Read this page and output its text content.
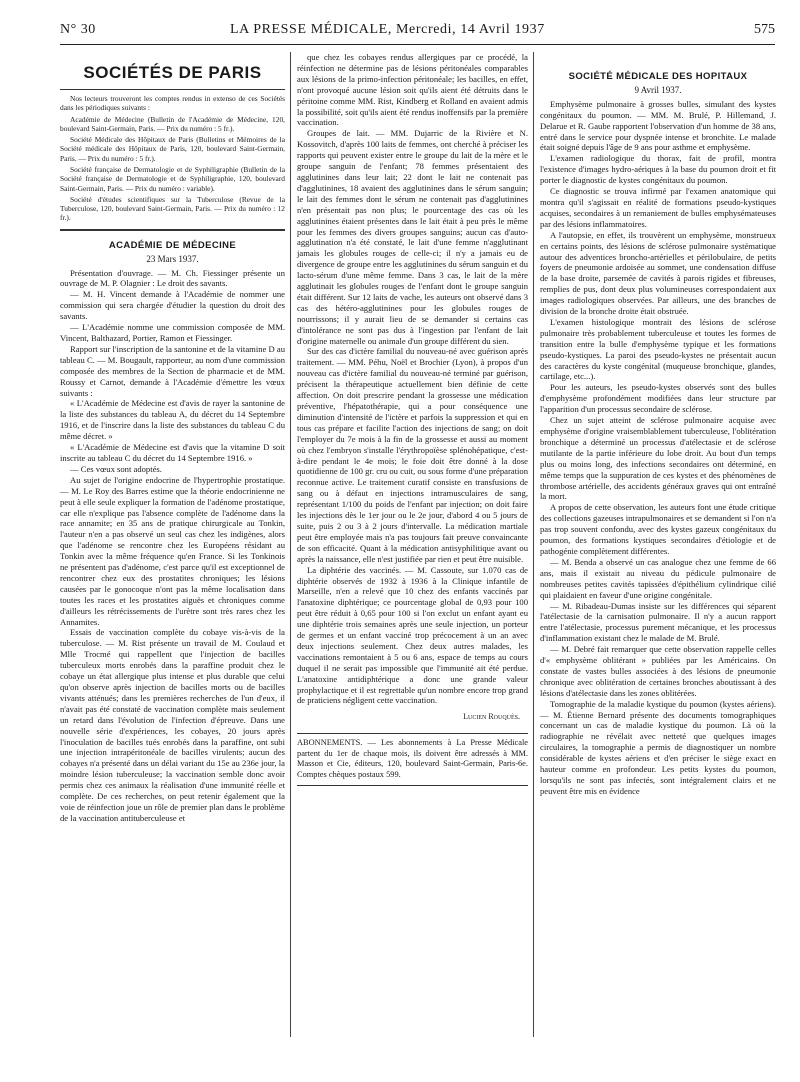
N° 30	LA PRESSE MÉDICALE, Mercredi, 14 Avril 1937	575
SOCIÉTÉS DE PARIS

Nos lecteurs trouveront les comptes rendus in extenso de ces Sociétés dans les périodiques suivants :

Académie de Médecine (Bulletin de l'Académie de Médecine, 120, boulevard Saint-Germain, Paris. — Prix du numéro : 5 fr.).

Société Médicale des Hôpitaux de Paris (Bulletins et Mémoires de la Société médicale des Hôpitaux de Paris, 120, boulevard Saint-Germain, Paris. — Prix du numéro : 5 fr.).

Société française de Dermatologie et de Syphiligraphie (Bulletin de la Société française de Dermatologie et de Syphiligraphie, 120, boulevard Saint-Germain, Paris. — Prix du numéro : variable).

Société d'études scientifiques sur la Tuberculose (Revue de la Tuberculose, 120, boulevard Saint-Germain, Paris. — Prix du numéro : 12 fr.).

ACADÉMIE DE MÉDECINE
23 Mars 1937.

Présentation d'ouvrage. — M. Ch. Fiessinger présente un ouvrage de M. P. Olagnier : Le droit des savants.

— M. H. Vincent demande à l'Académie de nommer une commission qui sera chargée d'étudier la question du droit des savants.

— L'Académie nomme une commission composée de MM. Vincent, Balthazard, Portier, Ramon et Fiessinger.

Rapport sur l'inscription de la santonine et de la vitamine D au tableau C. — M. Bougault, rapporteur, au nom d'une commission composée des membres de la Section de pharmacie et de MM. Roussy et Carnot, demande à l'Académie d'émettre les vœux suivants :

« L'Académie de Médecine est d'avis de rayer la santonine de la liste des substances du tableau A, du décret du 14 Septembre 1916, et de l'inscrire dans la liste des substances du tableau C du même décret. »

« L'Académie de Médecine est d'avis que la vitamine D soit inscrite au tableau C du décret du 14 Septembre 1916. »

— Ces vœux sont adoptés.

Au sujet de l'origine endocrine de l'hypertrophie prostatique. — M. Le Roy des Barres estime que la théorie endocrinienne ne peut à elle seule expliquer la formation de l'adénome prostatique, car elle n'explique pas l'absence complète de l'adénome dans la race annamite; en 35 ans de pratique chirurgicale au Tonkin, l'auteur n'en a pas observé un seul cas chez les indigènes, alors que l'adénome se rencontre chez les Européens résidant au Tonkin avec la même fréquence qu'en France. Si les Tonkinois ne présentent pas d'adénome, c'est parce qu'il est exceptionnel de rencontrer chez eux des prostatites chroniques; les lésions causées par le gonocoque n'ont pas la même localisation dans toutes les races et les prostatites aiguës et chroniques comme d'ailleurs les rétrécissements de l'urètre sont très rares chez les Annamites.

Essais de vaccination complète du cobaye vis-à-vis de la tuberculose. — M. Rist présente un travail de M. Coulaud et Mlle Trocmé qui rappellent que l'injection de bacilles tuberculeux morts enrobés dans la paraffine produit chez le cobaye un état allergique plus intense et plus durable que celui qu'on observe après injection de bacilles morts ou de bacilles vivants atténués; dans les premières recherches de l'un d'eux, il n'avait pas été constaté de vaccination complète mais seulement un retard dans l'évolution de l'infection d'épreuve. Dans une nouvelle série d'expériences, les cobayes, 20 jours après l'inoculation de bacilles tués enrobés dans la paraffine, ont subi une injection intrapéritonéale de bacilles virulents; aucun des cobayes n'a présenté dans un délai variant du 15e au 236e jour, la moindre lésion tuberculeuse; la vaccination semble donc avoir permis chez ces animaux la réalisation d'une immunité réelle et complète. De ces recherches, on peut retenir également que la voie de réinfection joue un rôle de premier plan dans le problème de la vaccination antituberculeuse et

que chez les cobayes rendus allergiques par ce procédé, la réinfection ne détermine pas de lésions péritonéales comparables aux lésions de la primo-infection péritonéale; les bacilles, en effet, n'ont provoqué aucune lésion soit qu'ils aient été détruits dans le péritoine comme MM. Rist, Kindberg et Rolland en avaient admis la possibilité, soit qu'ils aient été rendus inoffensifs par la première vaccination.

Groupes de lait. — MM. Dujarric de la Rivière et N. Kossovitch, d'après 100 laits de femmes, ont cherché à préciser les rapports qui peuvent exister entre le groupe du lait de la mère et le groupe sanguin de l'enfant; 78 femmes présentaient des agglutinines dans leur lait; 22 dont le lait ne contenait pas d'agglutinines, 18 avaient des agglutinines dans le sérum sanguin; le lait des femmes dont le sérum ne contenait pas d'agglutinines n'en présentait pas non plus; le pourcentage des cas où les agglutinines étaient présentes dans le lait était à peu près le même pour les femmes des divers groupes sanguins; aucun cas d'auto-agglutination n'a été constaté, le lait d'une femme n'agglutinant jamais les globules rouges de celle-ci; il n'y a jamais eu de divergence de groupe entre les agglutinines du sérum sanguin et du lacto-sérum d'une même femme. Dans 3 cas, le lait de la mère agglutinait les globules rouges de l'enfant dont le groupe sanguin était différent. Sur 12 laits de vache, les auteurs ont observé dans 3 cas des hétéro-agglutinines pour les globules rouges de nourrissons; il y aurait lieu de se demander si certains cas d'intolérance ne sont pas dus à l'ingestion par l'enfant de lait d'origine maternelle ou animale d'un groupe différent du sien.

Sur des cas d'ictère familial du nouveau-né avec guérison après traitement. — MM. Péhu, Noël et Brochier (Lyon), à propos d'un nouveau cas d'ictère familial du nouveau-né terminé par guérison, précisent la thérapeutique actuellement bien définie de cette affection. On doit prescrire pendant la grossesse une médication préventive, l'hépatothérapie, qui a pour conséquence une diminution d'intensité de l'ictère et parfois la suppression et qui en tous cas prépare et facilite l'action des injections de sang; on doit l'employer du 7e mois à la fin de la grossesse et aussi au moment où chez l'embryon s'installe l'érythropoïèse splénohépatique, c'est-à-dire pendant le 4e mois; le foie doit être donné à la dose quotidienne de 100 gr. cru ou cuit, ou sous forme d'une préparation reconnue active. Le traitement curatif consiste en transfusions de sang ou à défaut en injections intramusculaires de sang, représentant 1/100 du poids de l'enfant par injection; on doit faire les injections dès le 1er jour ou le 2e jour, d'abord 4 ou 5 jours de suite, puis 2 ou 3 à 2 jours d'intervalle. La médication martiale peut être employée mais n'a pas toujours fait preuve convaincante de son efficacité. Quant à la médication antisyphilitique avant ou après la naissance, elle n'est justifiée par rien et peut être nuisible.

La diphtérie des vaccinés. — M. Cassoute, sur 1.070 cas de diphtérie observés de 1932 à 1936 à la Clinique infantile de Marseille, n'en a relevé que 10 chez des enfants vaccinés par l'anatoxine diphtérique; ce pourcentage global de 0,93 pour 100 peut être réduit à 0,65 pour 100 si l'on exclut un enfant ayant eu une diphtérie trois semaines après une seule injection, un porteur de germes et un enfant vacciné trop précocement à un an avec deux injections seulement. Chez deux autres malades, les vaccinations remontaient à 5 ou 6 ans, espace de temps au cours duquel il ne serait pas impossible que l'immunité ait été perdue. L'anatoxine antidiphtérique a donc une grande valeur prophylactique et il est regrettable qu'un nombre encore trop grand de praticiens négligent cette vaccination.

Lucien Rouquès.
ABONNEMENTS. — Les abonnements à La Presse Médicale partent du 1er de chaque mois, ils doivent être adressés à MM. Masson et Cie, éditeurs, 120, boulevard Saint-Germain, Paris-6e. Comptes chèques postaux 599.
SOCIÉTÉ MÉDICALE DES HOPITAUX
9 Avril 1937.

Emphysème pulmonaire à grosses bulles, simulant des kystes congénitaux du poumon. — MM. M. Brulé, P. Hillemand, J. Delarue et R. Gaube rapportent l'observation d'un homme de 38 ans, entré dans le service pour dyspnée intense et bronchite. Le malade était soigné depuis l'âge de 9 ans pour asthme et emphysème.

L'examen radiologique du thorax, fait de profil, montra l'existence d'images hydro-aériques à la base du poumon droit et fit porter le diagnostic de kystes congénitaux du poumon.

Ce diagnostic se trouva infirmé par l'examen anatomique qui montra qu'il s'agissait en réalité de formations pseudo-kystiques acquises, secondaires à un remaniement de bulles emphysémateuses par des lésions inflammatoires.

A l'autopsie, en effet, ils trouvèrent un emphysème, monstrueux en certains points, des lésions de sclérose pulmonaire systématique autour des adventices broncho-artérielles et périlobulaire, de petits foyers de pneumonie ardoisée au sommet, une condensation diffuse de la base droite, parsemée de cavités à parois rigides et fibreuses, remplies de pus, dont deux plus volumineuses correspondaient aux images radiologiques observées. Par ailleurs, une des branches de division de la bronche droite était obstruée.

L'examen histologique montrait des lésions de sclérose pulmonaire très probablement tuberculeuse et toutes les formes de transition entre la bulle d'emphysème typique et les formations pseudo-kystiques. La paroi des pseudo-kystes ne présentait aucun des caractères du kyste congénital (muqueuse bronchique, glandes, cartilage, etc...).

Pour les auteurs, les pseudo-kystes observés sont des bulles d'emphysème profondément modifiées dans leur structure par l'apparition d'un processus secondaire de sclérose.

Chez un sujet atteint de sclérose pulmonaire acquise avec emphysème d'origine vraisemblablement tuberculeuse, l'oblitération bronchique a déterminé un processus d'atélectasie et de sclérose mutilante de la partie inférieure du lobe droit. Au bout d'un temps plus ou moins long, des infections secondaires ont déterminé, en même temps que la suppuration de ces kystes et des phénomènes de thrombose artérielle, des accidents généraux graves qui ont entraîné la mort.

A propos de cette observation, les auteurs font une étude critique des collections gazeuses intrapulmonaires et se demandent si l'on n'a pas trop souvent confondu, avec des kystes gazeux congénitaux du poumon, des formations kystiques secondaires d'étiologie et de pathogénie complètement différentes.

— M. Benda a observé un cas analogue chez une femme de 66 ans, mais il existait au niveau du pédicule pulmonaire de nombreuses petites cavités tapissées d'épithélium cylindrique cilié qui plaidaient en faveur d'une origine congénitale.

— M. Ribadeau-Dumas insiste sur les différences qui séparent l'atélectasie de la carnisation pulmonaire. Il n'y a aucun rapport entre l'atélectasie, processus purement mécanique, et les processus d'inflammation existant chez le malade de M. Brulé.

— M. Debré fait remarquer que cette observation rappelle celles d'« emphysème oblitérant » publiées par les Américains. On constate de vastes bulles associées à des lésions de pneumonie chronique avec oblitération de certaines bronches aboutissant à des lésions d'atélectasie dans les zones oblitérées.

Tomographie de la maladie kystique du poumon (kystes aériens). — M. Étienne Bernard présente des documents tomographiques concernant un cas de maladie kystique du poumon. Là où la radiographie ne révélait avec netteté que quelques images circulaires, la tomographie a permis de diagnostiquer un nombre considérable de kystes aériens et d'en préciser le siège exact en hauteur comme en profondeur. Les petits kystes du poumon, lorsqu'ils ne sont pas infectés, sont intégralement clairs et ne peuvent être mis en évidence
